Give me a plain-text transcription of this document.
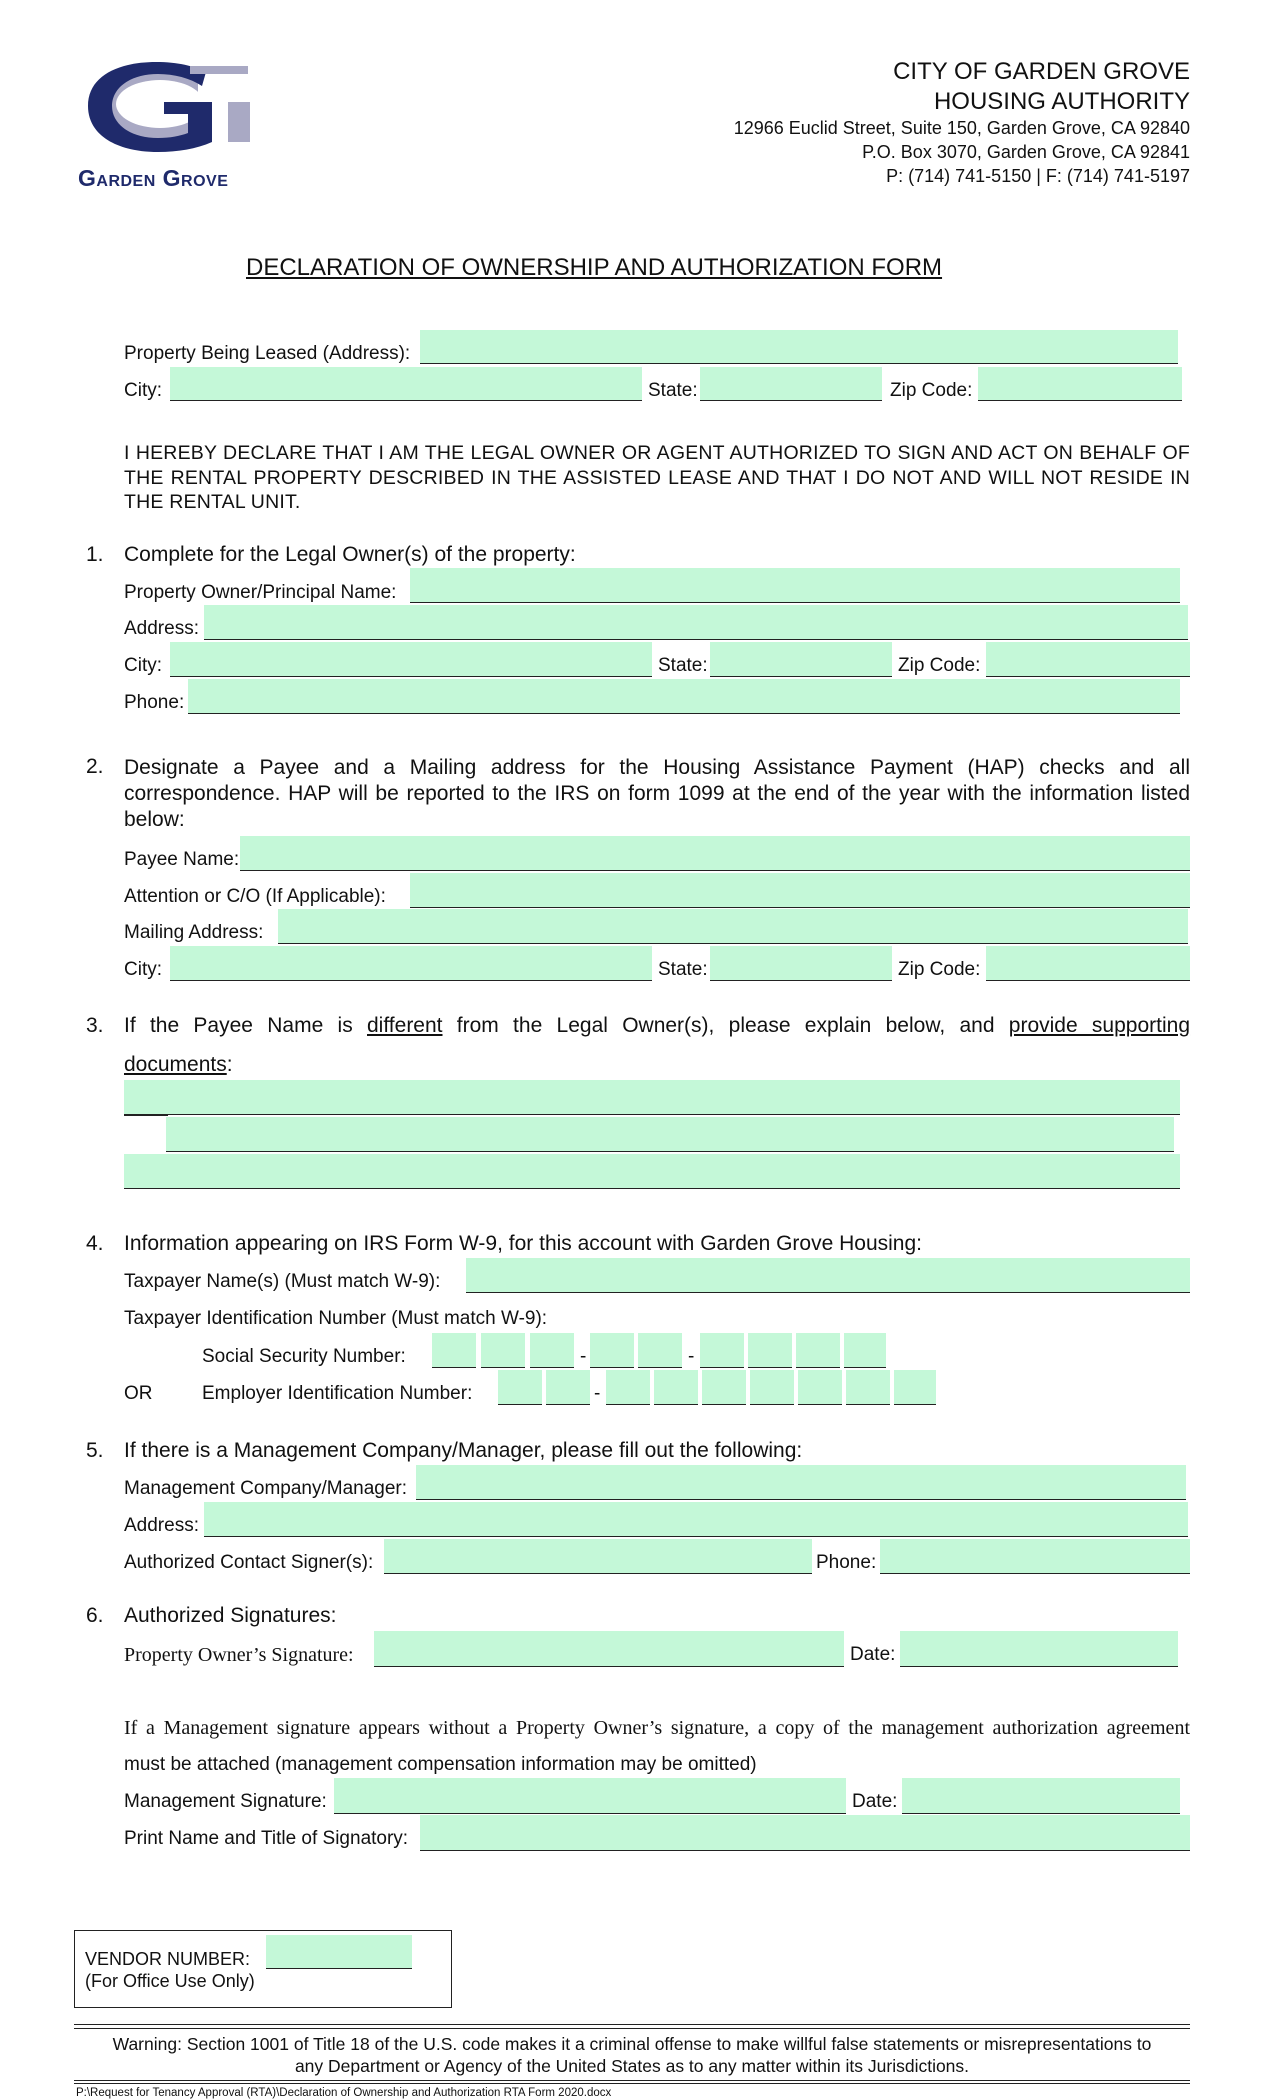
Garden Grove
CITY OF GARDEN GROVE
HOUSING AUTHORITY
12966 Euclid Street, Suite 150, Garden Grove, CA 92840
P.O. Box 3070, Garden Grove, CA 92841
P: (714) 741-5150 | F: (714) 741-5197
DECLARATION OF OWNERSHIP AND AUTHORIZATION FORM
Property Being Leased (Address):
City:	State:	Zip Code:
I HEREBY DECLARE THAT I AM THE LEGAL OWNER OR AGENT AUTHORIZED TO SIGN AND ACT ON BEHALF OF THE RENTAL PROPERTY DESCRIBED IN THE ASSISTED LEASE AND THAT I DO NOT AND WILL NOT RESIDE IN THE RENTAL UNIT.
1. Complete for the Legal Owner(s) of the property:
Property Owner/Principal Name:
Address:
City:	State:	Zip Code:
Phone:
2. Designate a Payee and a Mailing address for the Housing Assistance Payment (HAP) checks and all correspondence. HAP will be reported to the IRS on form 1099 at the end of the year with the information listed below:
Payee Name:
Attention or C/O (If Applicable):
Mailing Address:
City:	State:	Zip Code:
3. If the Payee Name is different from the Legal Owner(s), please explain below, and provide supporting
documents:
4. Information appearing on IRS Form W-9, for this account with Garden Grove Housing:
Taxpayer Name(s) (Must match W-9):
Taxpayer Identification Number (Must match W-9):
Social Security Number:	-	-
OR	Employer Identification Number:	-
5. If there is a Management Company/Manager, please fill out the following:
Management Company/Manager:
Address:
Authorized Contact Signer(s):	Phone:
6. Authorized Signatures:
Property Owner’s Signature:	Date:
If a Management signature appears without a Property Owner’s signature, a copy of the management authorization agreement
must be attached (management compensation information may be omitted)
Management Signature:	Date:
Print Name and Title of Signatory:
VENDOR NUMBER:
(For Office Use Only)
Warning: Section 1001 of Title 18 of the U.S. code makes it a criminal offense to make willful false statements or misrepresentations to
any Department or Agency of the United States as to any matter within its Jurisdictions.
P:\Request for Tenancy Approval (RTA)\Declaration of Ownership and Authorization RTA Form 2020.docx
